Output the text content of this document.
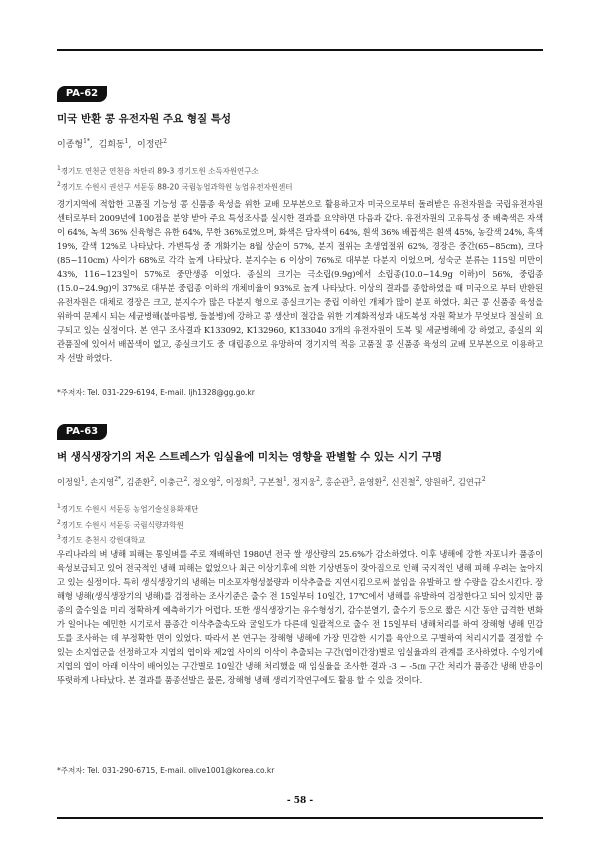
PA-62
미국 반환 콩 유전자원 주요 형질 특성
이종형$^{1*}$,  김희동$^1$,  이정란$^2$
$^1$경기도 연천군 연천읍 차탄리 89-3 경기도원 소득자원연구소
$^2$경기도 수원시 권선구 서둔동 88-20 국립농업과학원 농업유전자원센터
경기지역에 적합한 고품질 기능성 콩 신품종 육성을 위한 교배 모부본으로 활용하고자 미국으로부터 돌려받은 유전자원을 국립유전자원센터로부터 2009년에 100점을 분양 받아 주요 특성조사를 실시한 결과를 요약하면 다음과 같다. 유전자원의 고유특성 중 배축색은 자색이 64%, 녹색 36% 신육형은 유한 64%, 무한 36%로였으며, 화색은 담자색이 64%, 흰색 36% 배꼽색은 흰색 45%, 농갈색 24%, 흑색 19%, 갈색 12%로 나타났다. 가변특성 중 개화기는 8월 상순이 57%, 분지 절위는 초생엽절위 62%, 경장은 중간(65~85cm), 크다(85~110cm) 사이가 68%로 각각 높게 나타났다. 분지수는 6 이상이 76%로 대부분 다분지 이었으며, 성숙군 분류는 115일 미만이 43%, 116~123일이 57%로 중만생종 이었다. 종실의 크기는 극소립(9.9g)에서 소립종(10.0~14.9g 이하)이 56%, 중립종(15.0~24.9g)이 37%로 대부분 중립종 이하의 개체비율이 93%로 높게 나타났다. 이상의 결과를 종합하였을 때 미국으로 부터 반환된 유전자원은 대체로 경장은 크고, 분지수가 많은 다분지 형으로 종실크기는 중립 이하인 개체가 많이 분포 하였다. 최근 콩 신품종 육성을 위하여 문제시 되는 세균병해(불마름병, 들불병)에 강하고 콩 생산비 절감을 위한 기계화적성과 내도복성 자원 확보가 무엇보다 절실히 요구되고 있는 실정이다. 본 연구 조사결과 K133092, K132960, K133040 3개의 유전자원이 도복 및 세균병해에 강 하였고, 종실의 외관품질에 있어서 배꼽색이 없고, 종실크기도 중 대립종으로 유망하여 경기지역 적응 고품질 콩 신품종 육성의 교배 모부본으로 이용하고자 선발 하였다.
*주저자: Tel. 031-229-6194, E-mail. ljh1328@gg.go.kr
PA-63
벼 생식생장기의 저온 스트레스가 임실율에 미치는 영향을 판별할 수 있는 시기 구명
이정일$^1$, 손지영$^{2*}$, 김준환$^2$, 이충근$^2$, 정오영$^2$, 이정희$^3$, 구본철$^1$, 정지웅$^2$, 홍순관$^3$, 윤영환$^2$, 신진철$^2$, 양원하$^2$, 김연규$^2$
$^1$경기도 수원시 서둔동 농업기술실용화재단
$^2$경기도 수원시 서둔동 국립식량과학원
$^3$경기도 춘천시 강원대학교
우리나라의 벼 냉해 피해는 통일벼를 주로 재배하던 1980년 전국 쌀 생산량의 25.6%가 감소하였다. 이후 냉해에 강한 자포니카 품종이 육성보급되고 있어 전국적인 냉해 피해는 없었으나 최근 이상기후에 의한 기상변동이 잦아짐으로 인해 국지적인 냉해 피해 우려는 높아지고 있는 실정이다. 특히 생식생장기의 냉해는 미소포자형성불량과 이삭추출을 지연시킴으로써 불임을 유발하고 쌀 수량을 감소시킨다. 장해형 냉해(생식생장기의 냉해)를 검정하는 조사기준은 출수 전 15일부터 10일간, 17℃에서 냉해를 유발하여 검정한다고 되어 있지만 품종의 출수일을 미리 정확하게 예측하기가 어렵다. 또한 생식생장기는 유수형성기, 감수분열기, 출수기 등으로 짧은 시간 동안 급격한 변화가 일어나는 예민한 시기로서 품종간 이삭추출속도와 굴일도가 다른데 일괄적으로 출수 전 15일부터 냉해처리를 하여 장해형 냉해 민감도를 조사하는 데 부정확한 면이 있었다. 따라서 본 연구는 장해형 냉해에 가장 민감한 시기를 육안으로 구별하여 처리시기를 결정할 수 있는 소지엽군을 선정하고자 지엽의 엽이와 제2엽 사이의 이삭이 추출되는 구간(엽이간장)별로 임실율과의 관계를 조사하였다. 수잉기에 지엽의 엽이 아래 이삭이 배어있는 구간별로 10일간 냉해 처리했을 때 임실율을 조사한 결과 -3 ~ -5㎝ 구간 처리가 품종간 냉해 반응이 뚜렷하게 나타났다. 본 결과를 품종선발은 물론, 장해형 냉해 생리기작연구에도 활용 할 수 있을 것이다.
*주저자: Tel. 031-290-6715, E-mail. olive1001@korea.co.kr
- 58 -
